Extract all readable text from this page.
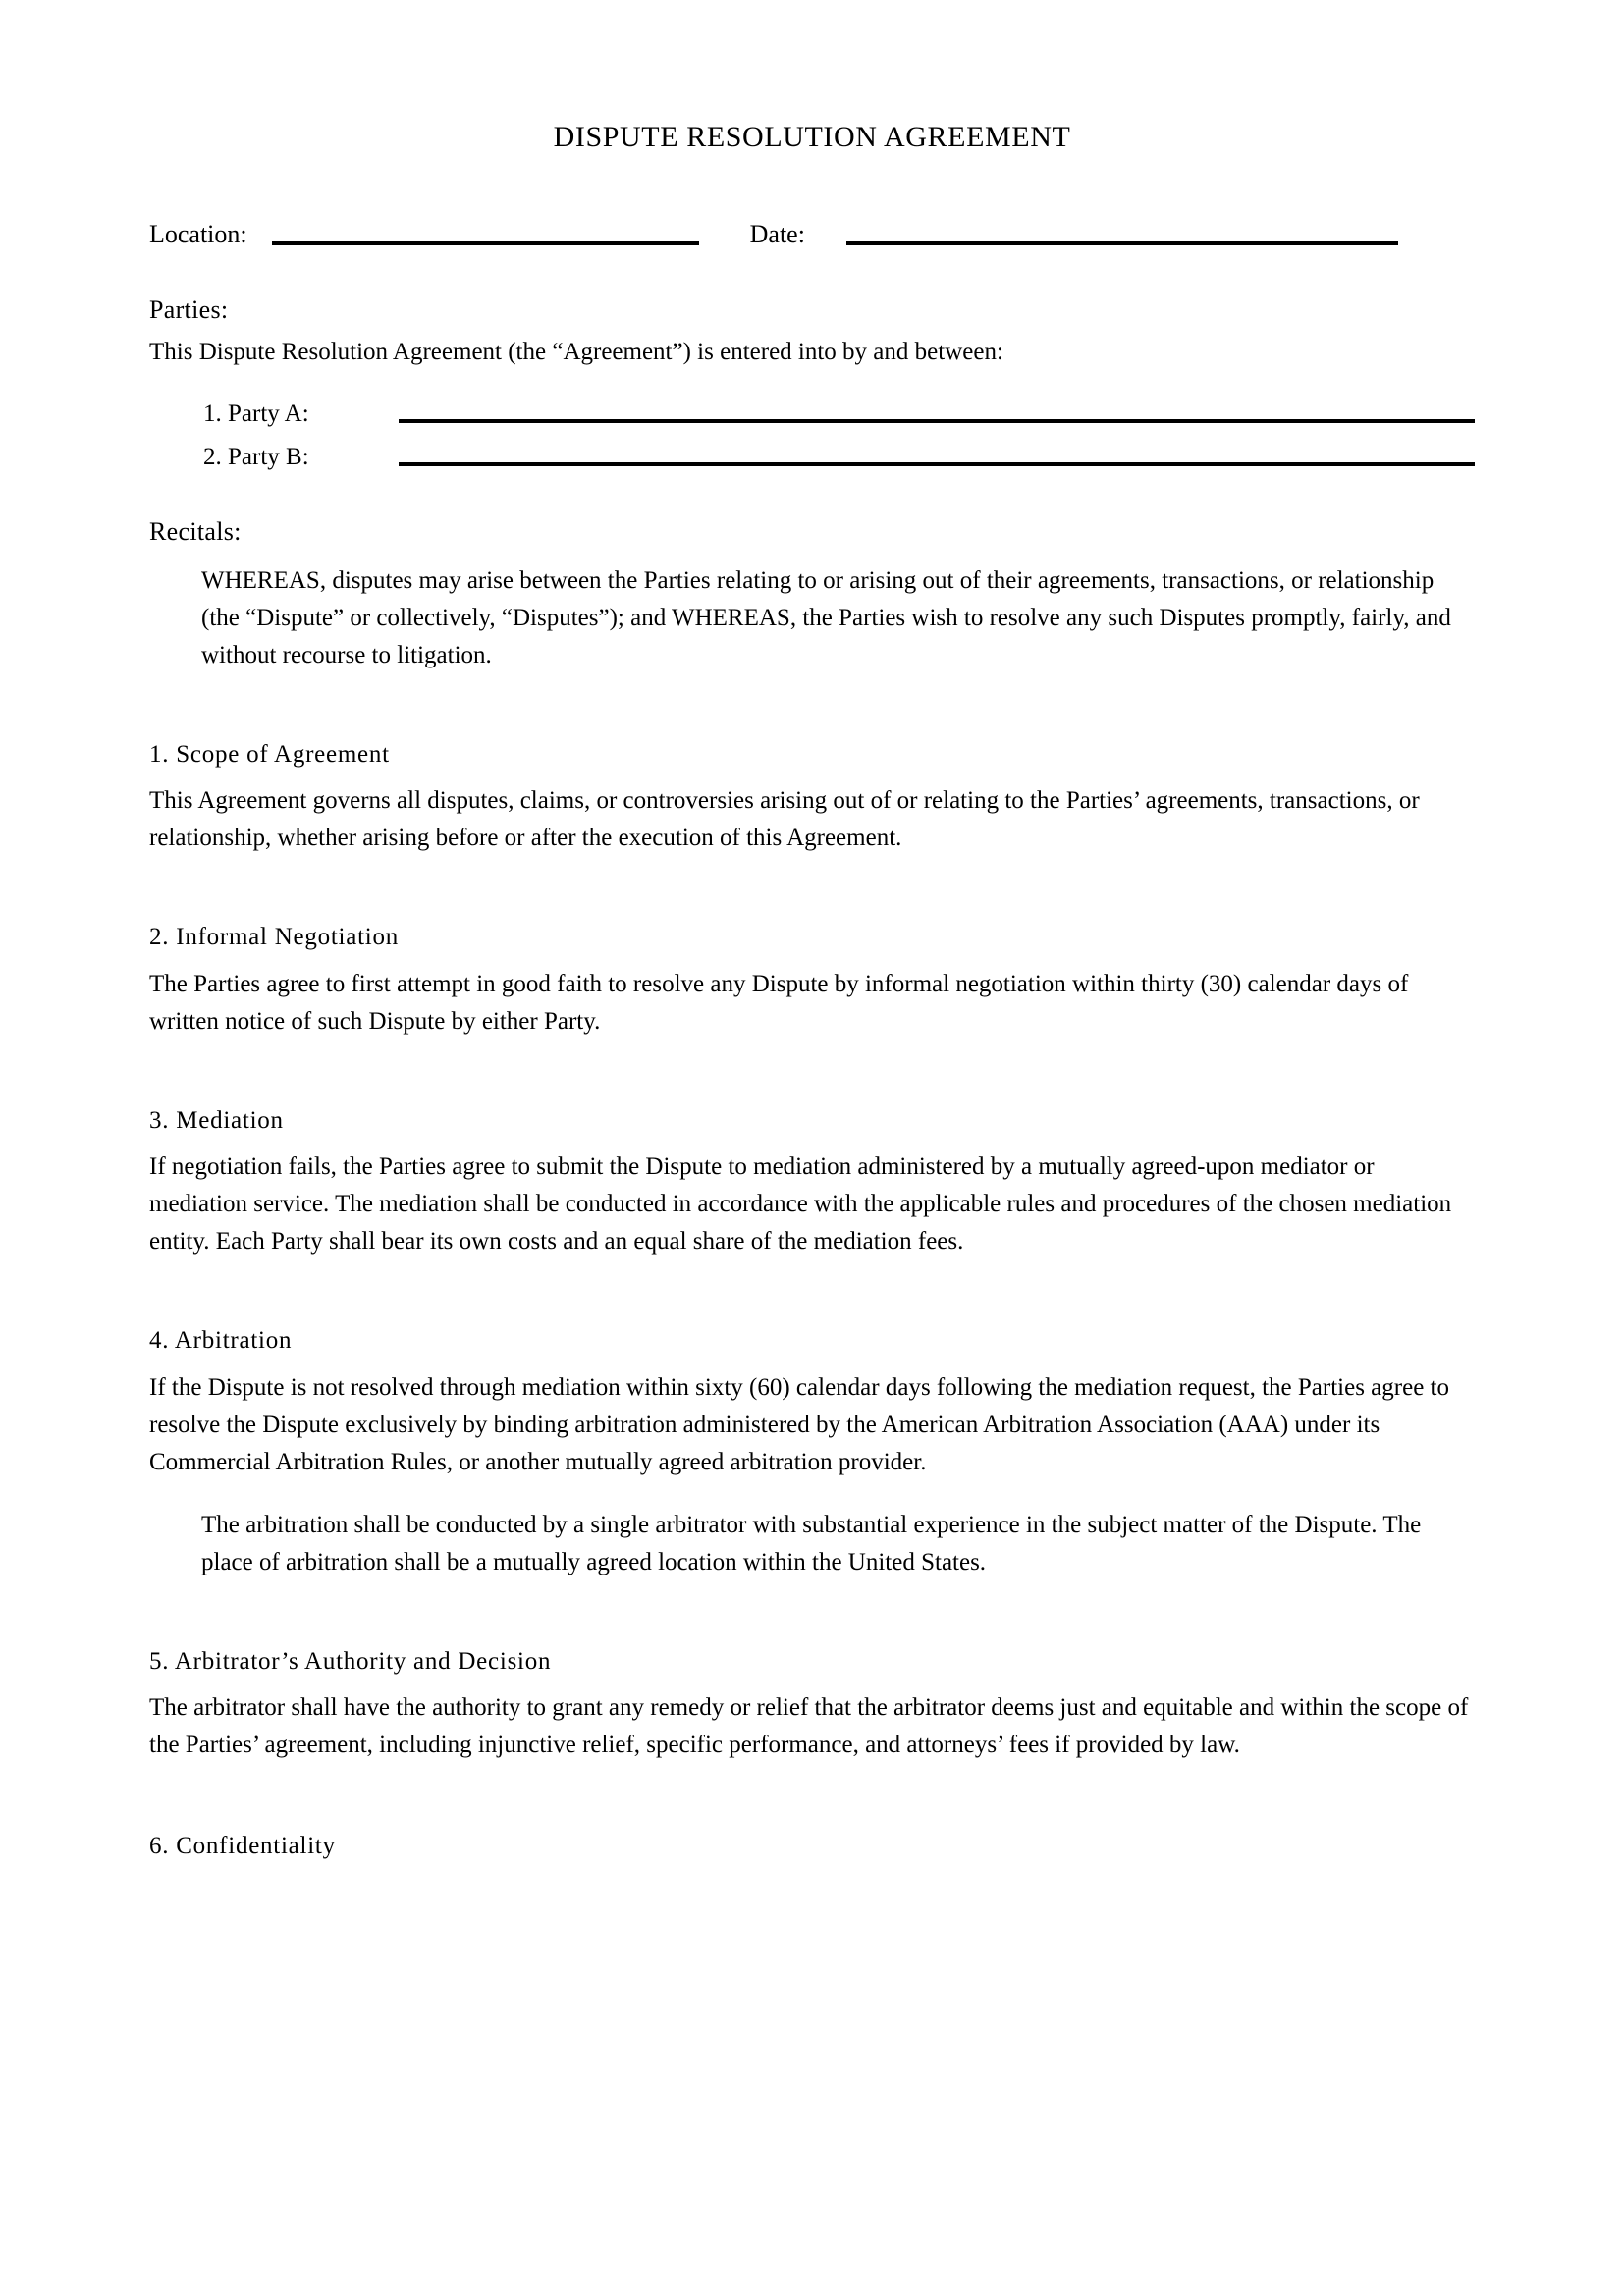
DISPUTE RESOLUTION AGREEMENT
Location:	Date:
Parties:
This Dispute Resolution Agreement (the “Agreement”) is entered into by and between:
1. Party A:
2. Party B:
Recitals:
WHEREAS, disputes may arise between the Parties relating to or arising out of their agreements, transactions, or relationship (the “Dispute” or collectively, “Disputes”); and WHEREAS, the Parties wish to resolve any such Disputes promptly, fairly, and without recourse to litigation.
1. Scope of Agreement
This Agreement governs all disputes, claims, or controversies arising out of or relating to the Parties’ agreements, transactions, or relationship, whether arising before or after the execution of this Agreement.
2. Informal Negotiation
The Parties agree to first attempt in good faith to resolve any Dispute by informal negotiation within thirty (30) calendar days of written notice of such Dispute by either Party.
3. Mediation
If negotiation fails, the Parties agree to submit the Dispute to mediation administered by a mutually agreed-upon mediator or mediation service. The mediation shall be conducted in accordance with the applicable rules and procedures of the chosen mediation entity. Each Party shall bear its own costs and an equal share of the mediation fees.
4. Arbitration
If the Dispute is not resolved through mediation within sixty (60) calendar days following the mediation request, the Parties agree to resolve the Dispute exclusively by binding arbitration administered by the American Arbitration Association (AAA) under its Commercial Arbitration Rules, or another mutually agreed arbitration provider.
The arbitration shall be conducted by a single arbitrator with substantial experience in the subject matter of the Dispute. The place of arbitration shall be a mutually agreed location within the United States.
5. Arbitrator’s Authority and Decision
The arbitrator shall have the authority to grant any remedy or relief that the arbitrator deems just and equitable and within the scope of the Parties’ agreement, including injunctive relief, specific performance, and attorneys’ fees if provided by law.
6. Confidentiality
